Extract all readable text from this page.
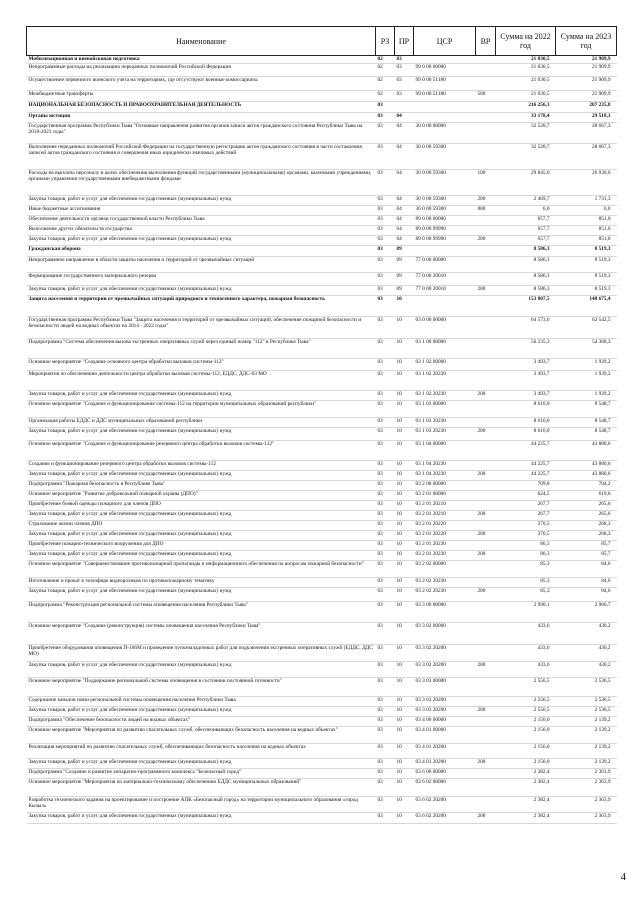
Наименование	РЗ	ПР	ЦСР	ВР	Сумма на 2022 год	Сумма на 2023 год
Мобилизационная и вневойсковая подготовка	02	03			21 030,5	21 909,9
Непрограммные расходы на реализацию переданных полномочий Российской Федерации	02	03	99 0 00 00000		21 030,5	21 909,9
Осуществление первичного воинского учета на территориях, где отсутствуют военные комиссариаты	02	03	99 0 00 51180		21 030,5	21 909,9
Межбюджетные трансферты	02	03	99 0 00 51180	500	21 030,5	21 909,9
НАЦИОНАЛЬНАЯ БЕЗОПАСНОСТЬ И ПРАВООХРАНИТЕЛЬНАЯ ДЕЯТЕЛЬНОСТЬ	03				216 256,3	207 235,8
Органы юстиции	03	04			33 178,4	29 518,3
Государственная программа Республики Тыва "Основные направления развития органов записи актов гражданского состояния Республики Тыва на 2018-2023 годы"	03	04	30 0 00 00000		32 520,7	28 667,3
Выполнение переданных полномочий Российской Федерации на государственную регистрацию актов гражданского состояния в части составления записей актов гражданского состояния и совершения иных юридически значимых действий	03	04	30 0 00 59300		32 520,7	28 667,3
Расходы на выплаты персоналу в целях обеспечения выполнения функций государственными (муниципальными) органами, казенными учреждениями, органами управления государственными внебюджетными фондами	03	04	30 0 00 59300	100	29 845,0	26 930,0
Закупка товаров, работ и услуг для обеспечения государственных (муниципальных) нужд	03	04	30 0 00 59300	200	2 469,7	1 731,3
Иные бюджетные ассигнования	03	04	30 0 00 59300	800	6,0	6,0
Обеспечение деятельности органов государственной власти Республики Тыва	03	04	89 0 00 00000		657,7	851,0
Выполнение других обязательств государства	03	04	89 0 00 99990		657,7	851,0
Закупка товаров, работ и услуг для обеспечения государственных (муниципальных) нужд	03	04	89 0 00 99990	200	657,7	851,0
Гражданская оборона	03	09			8 586,3	8 519,3
Непрограммное направление в области защиты населения и территорий от чрезвычайных ситуаций	03	09	77 0 00 00000		8 586,3	8 519,3
Формирование государственного материального резерва	03	09	77 0 00 20010		8 586,3	8 519,3
Закупка товаров, работ и услуг для обеспечения государственных (муниципальных) нужд	03	09	77 0 00 20010	200	8 586,3	8 519,3
Защита населения и территории от чрезвычайных ситуаций природного и техногенного характера, пожарная безопасность	03	10			153 807,5	148 675,4
Государственная программа Республики Тыва "Защита населения и территорий от чрезвычайных ситуаций, обеспечение пожарной безопасности и безопасности людей на водных объектах на 2014 - 2022 годы"	03	10	03 0 00 00000		64 573,6	62 542,5
Подпрограмма "Система обеспечения вызова экстренных оперативных служб через единый номер "112" в Республике Тыва"	03	10	03 1 00 00000		56 235,3	54 368,3
Основное мероприятие "Создание основного центра обработки вызовов системы-112"	03	10	03 1 02 00000		3 493,7	1 939,2
Мероприятия по обеспечению деятельности центра обработки вызовов системы-112, ЕДДС, ДДС-03 МО	03	10	03 1 02 20230		3 493,7	1 939,2
Закупка товаров, работ и услуг для обеспечения государственных (муниципальных) нужд	03	10	03 1 02 20230	200	3 493,7	1 939,2
Основное мероприятие "Создание и функционирование системы-112 на территории муниципальных образований республики"	03	10	03 1 03 00000		8 616,0	8 548,7
Организация работы ЕДДС и ДДС муниципальных образований республики	03	10	03 1 03 20230		8 616,0	8 548,7
Закупка товаров, работ и услуг для обеспечения государственных (муниципальных) нужд	03	10	03 1 03 20230	200	8 616,0	8 548,7
Основное мероприятие "Создание и функционирование резервного центра обработки вызовов системы-112"	03	10	03 1 04 00000		44 225,7	43 880,6
Создание и функционирование резервного центра обработки вызовов системы-112	03	10	03 1 04 20230		44 225,7	43 880,6
Закупка товаров, работ и услуг для обеспечения государственных (муниципальных) нужд	03	10	03 1 04 20230	200	44 225,7	43 880,6
Подпрограмма "Пожарная безопасность в Республике Тыва"	03	10	03 2 00 00000		709,8	704,2
Основное мероприятие "Развитие добровольной пожарной охраны (ДПО)"	03	10	03 2 01 00000		624,5	619,6
Приобретение боевой одежды пожарного для членов ДПО	03	10	03 2 01 20210		267,7	265,6
Закупка товаров, работ и услуг для обеспечения государственных (муниципальных) нужд	03	10	03 2 01 20210	200	267,7	265,6
Страхование жизни членов ДПО	03	10	03 2 01 20220		270,5	268,3
Закупка товаров, работ и услуг для обеспечения государственных (муниципальных) нужд	03	10	03 2 01 20220	200	270,5	268,3
Приобретение пожарно-технического вооружения для ДПО	03	10	03 2 01 20230		86,3	85,7
Закупка товаров, работ и услуг для обеспечения государственных (муниципальных) нужд	03	10	03 2 01 20230	200	86,3	85,7
Основное мероприятие "Совершенствование противопожарной пропаганды и информационного обеспечения по вопросам пожарной безопасности"	03	10	03 2 02 00000		85,3	84,6
Изготовление и прокат в телеэфире видеороликов по противопожарному тематику	03	10	03 2 02 20230		85,3	84,6
Закупка товаров, работ и услуг для обеспечения государственных (муниципальных) нужд	03	10	03 2 02 20230	200	85,3	84,6
Подпрограмма "Реконструкция региональной системы оповещения населения Республики Тыва"	03	10	03 3 00 00000		2 990,1	2 966,7
Основное мероприятие "Создание (реконструкция) системы оповещения населения Республики Тыва"	03	10	03 3 02 00000		433,6	430,2
Приобретение оборудования оповещения П-166М и проведение пусконаладочных работ для подключения экстренных оперативных служб (ЕДДС, ДДС МО)	03	10	03 3 02 20200		433,6	430,2
Закупка товаров, работ и услуг для обеспечения государственных (муниципальных) нужд	03	10	03 3 02 20200	200	433,6	430,2
Основное мероприятие "Поддержание региональной системы оповещения в состоянии постоянной готовности"	03	10	03 3 03 00000		2 556,5	2 536,5
Содержание каналов связи региональной системы оповещения населения Республики Тыва	03	10	03 3 03 20200		2 556,5	2 536,5
Закупка товаров, работ и услуг для обеспечения государственных (муниципальных) нужд	03	10	03 3 03 20200	200	2 556,5	2 536,5
Подпрограмма "Обеспечение безопасности людей на водных объектах"	03	10	03 4 00 00000		2 156,0	2 139,2
Основное мероприятие "Мероприятия по развитию спасательных служб, обеспечивающих безопасность населения на водных объектах"	03	10	03 4 01 00000		2 156,0	2 139,2
Реализация мероприятий по развитию спасательных служб, обеспечивающих безопасность населения на водных объектах	03	10	03 4 01 20200		2 156,0	2 139,2
Закупка товаров, работ и услуг для обеспечения государственных (муниципальных) нужд	03	10	03 4 01 20200	200	2 156,0	2 139,2
Подпрограмма "Создание и развитие аппаратно-программного комплекса "Безопасный город"	03	10	03 6 00 00000		2 382,4	2 363,9
Основное мероприятие "Мероприятия по материально-техническому обеспечению ЕДДС муниципальных образований"	03	10	03 6 02 00000		2 382,4	2 363,9
Разработка технического задания на проектирование и построение АПК «Безопасный город» на территории муниципального образования «город Кызыл»	03	10	03 6 02 20200		2 382,4	2 363,9
Закупка товаров, работ и услуг для обеспечения государственных (муниципальных) нужд	03	10	03 6 02 20200	200	2 382,4	2 363,9
4
